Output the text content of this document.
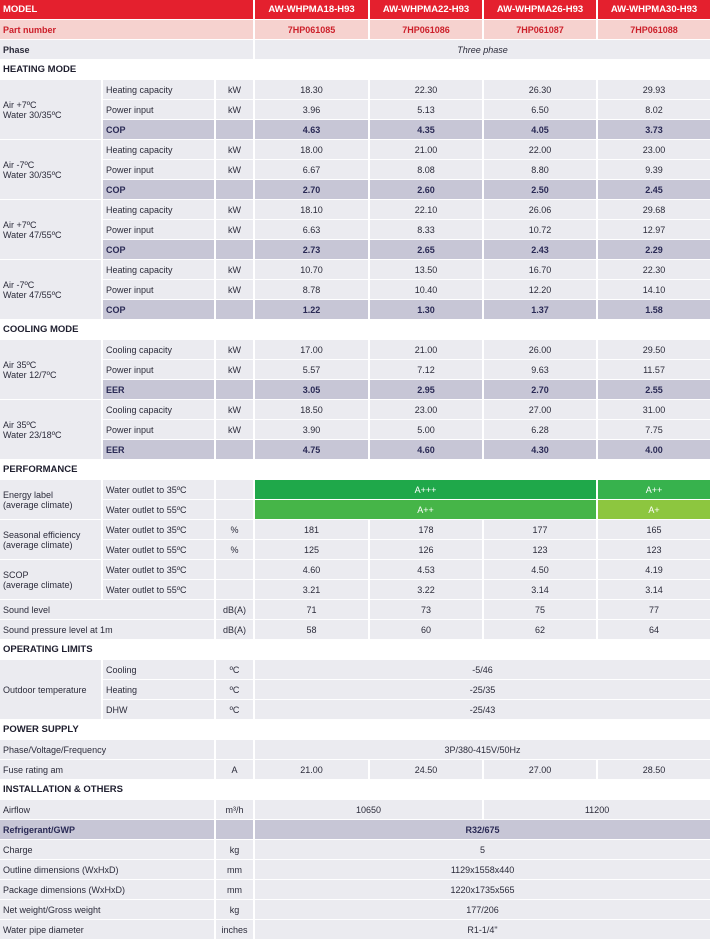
MODEL			AW-WHPMA18-H93	AW-WHPMA22-H93	AW-WHPMA26-H93	AW-WHPMA30-H93
Part number			7HP061085	7HP061086	7HP061087	7HP061088
Phase			Three phase			
HEATING MODE						
Air +7ºC
Water 30/35ºC	Heating capacity	kW	18.30	22.30	26.30	29.93
	Power input	kW	3.96	5.13	6.50	8.02
	COP		4.63	4.35	4.05	3.73
Air -7ºC
Water 30/35ºC	Heating capacity	kW	18.00	21.00	22.00	23.00
	Power input	kW	6.67	8.08	8.80	9.39
	COP		2.70	2.60	2.50	2.45
Air +7ºC
Water 47/55ºC	Heating capacity	kW	18.10	22.10	26.06	29.68
	Power input	kW	6.63	8.33	10.72	12.97
	COP		2.73	2.65	2.43	2.29
Air -7ºC
Water 47/55ºC	Heating capacity	kW	10.70	13.50	16.70	22.30
	Power input	kW	8.78	10.40	12.20	14.10
	COP		1.22	1.30	1.37	1.58
COOLING MODE						
Air 35ºC
Water 12/7ºC	Cooling capacity	kW	17.00	21.00	26.00	29.50
	Power input	kW	5.57	7.12	9.63	11.57
	EER		3.05	2.95	2.70	2.55
Air 35ºC
Water 23/18ºC	Cooling capacity	kW	18.50	23.00	27.00	31.00
	Power input	kW	3.90	5.00	6.28	7.75
	EER		4.75	4.60	4.30	4.00
PERFORMANCE						
Energy label
(average climate)	Water outlet to 35ºC		A+++			A++
	Water outlet to 55ºC		A++			A+
Seasonal efficiency
(average climate)	Water outlet to 35ºC	%	181	178	177	165
	Water outlet to 55ºC	%	125	126	123	123
SCOP
(average climate)	Water outlet to 35ºC		4.60	4.53	4.50	4.19
	Water outlet to 55ºC		3.21	3.22	3.14	3.14
Sound level		dB(A)	71	73	75	77
Sound pressure level at 1m		dB(A)	58	60	62	64
OPERATING LIMITS						
Outdoor temperature	Cooling	ºC	-5/46			
	Heating	ºC	-25/35			
	DHW	ºC	-25/43			
POWER SUPPLY						
Phase/Voltage/Frequency			3P/380-415V/50Hz			
Fuse rating am		A	21.00	24.50	27.00	28.50
INSTALLATION & OTHERS						
Airflow		m³/h	10650		11200	
Refrigerant/GWP			R32/675			
Charge		kg	5			
Outline dimensions (WxHxD)		mm	1129x1558x440			
Package dimensions (WxHxD)		mm	1220x1735x565			
Net weight/Gross weight		kg	177/206			
Water pipe diameter		inches	R1-1/4"			
